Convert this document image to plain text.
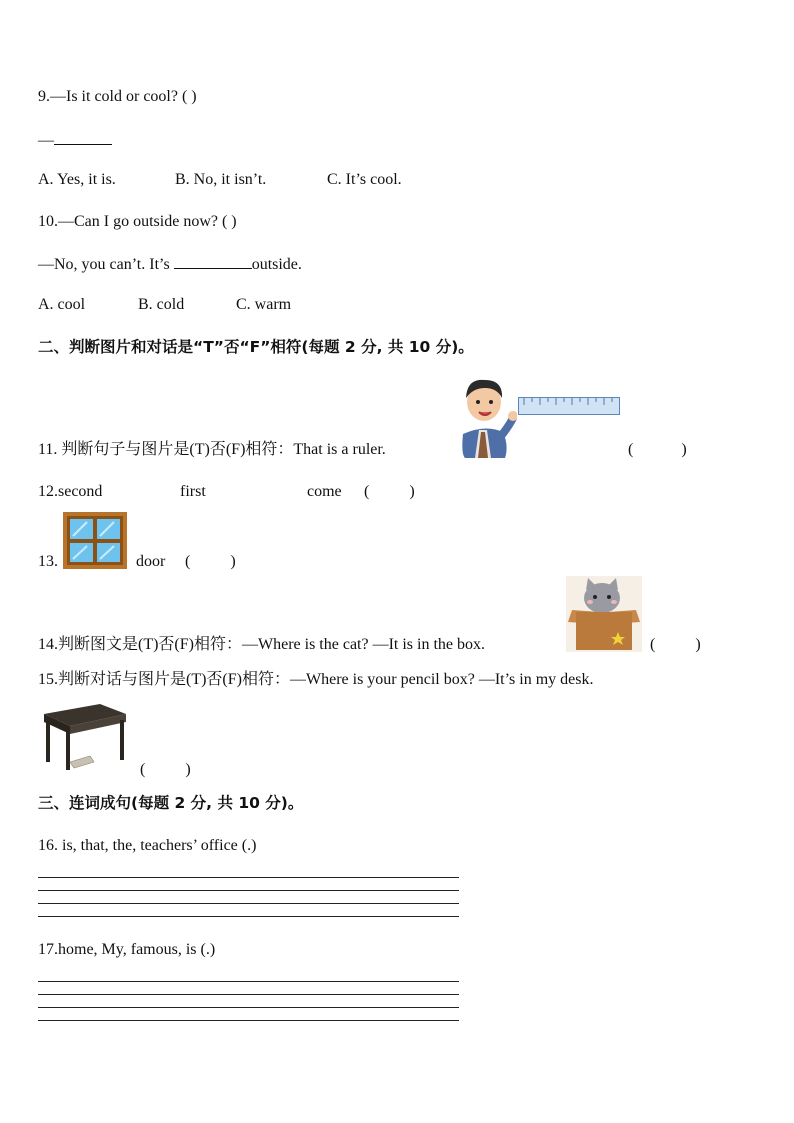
9.—Is it cold or cool? ( )
—
A. Yes, it is.	B. No, it isn’t.	C. It’s cool.
10.—Can I go outside now? ( )
—No, you can’t. It’s	outside.
A. cool	B. cold	C. warm
二、判断图片和对话是“T”否“F”相符(每题 2 分, 共 10 分)。
11. 判断句子与图片是(T)否(F)相符：That is a ruler.	(            )
12.second	first	come (          )
13.	door (          )
14.判断图文是(T)否(F)相符：—Where is the cat? —It is in the box.	(          )
15.判断对话与图片是(T)否(F)相符：—Where is your pencil box? —It’s in my desk.
(          )
三、连词成句(每题 2 分, 共 10 分)。
16. is, that, the, teachers’ office (.)
17.home, My, famous, is (.)
